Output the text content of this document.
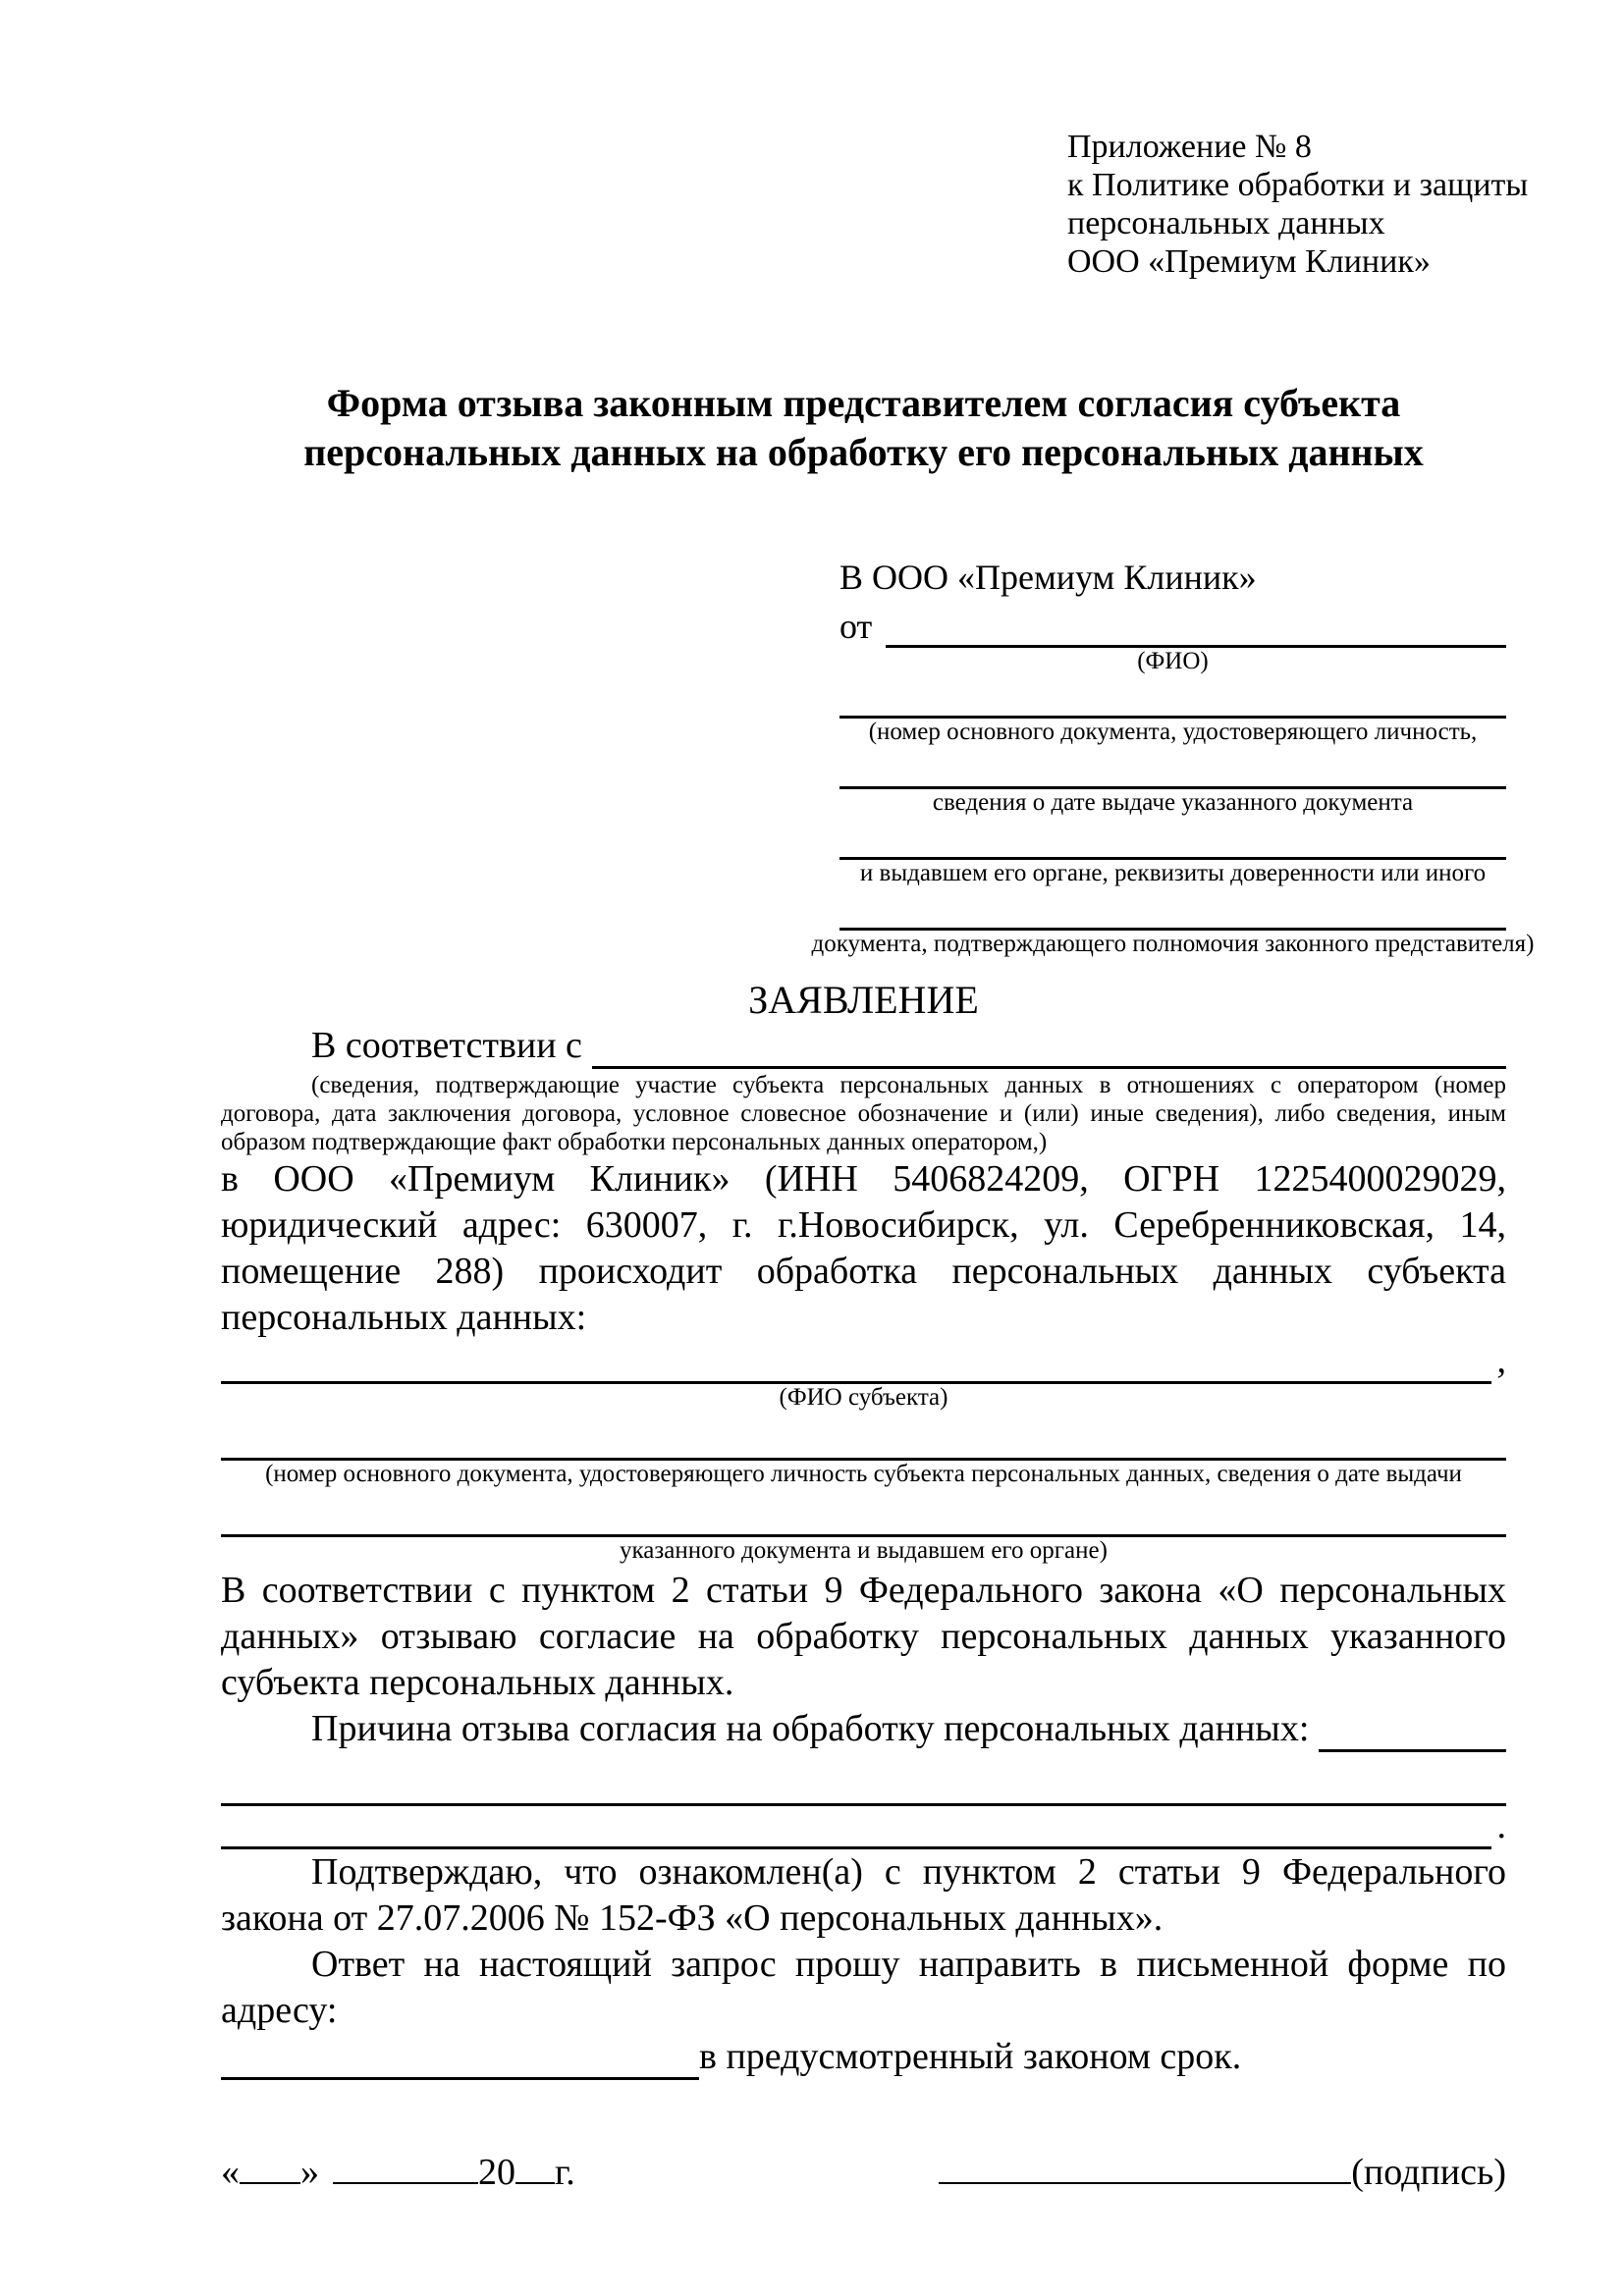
Приложение № 8
к Политике обработки и защиты
персональных данных
ООО «Премиум Клиник»
Форма отзыва законным представителем согласия субъекта персональных данных на обработку его персональных данных
В ООО «Премиум Клиник»
от
(ФИО)
(номер основного документа, удостоверяющего личность,
сведения о дате выдаче указанного документа
и выдавшем его органе, реквизиты доверенности или иного
документа, подтверждающего полномочия законного представителя)
ЗАЯВЛЕНИЕ
В соответствии с

(сведения, подтверждающие участие субъекта персональных данных в отношениях с оператором (номер договора, дата заключения договора, условное словесное обозначение и (или) иные сведения), либо сведения, иным образом подтверждающие факт обработки персональных данных оператором,)

в ООО «Премиум Клиник» (ИНН 5406824209, ОГРН 1225400029029, юридический адрес: 630007, г. г.Новосибирск, ул. Серебренниковская, 14, помещение 288) происходит обработка персональных данных субъекта персональных данных:

,
(ФИО субъекта)
(номер основного документа, удостоверяющего личность субъекта персональных данных, сведения о дате выдачи
указанного документа и выдавшем его органе)

В соответствии с пунктом 2 статьи 9 Федерального закона «О персональных данных» отзываю согласие на обработку персональных данных указанного субъекта персональных данных.

Причина отзыва согласия на обработку персональных данных:
.

Подтверждаю, что ознакомлен(а) с пунктом 2 статьи 9 Федерального закона от 27.07.2006 № 152-ФЗ «О персональных данных».

Ответ на настоящий запрос прошу направить в письменной форме по адресу:

в предусмотренный законом срок.
« »	20 г.	(подпись)
